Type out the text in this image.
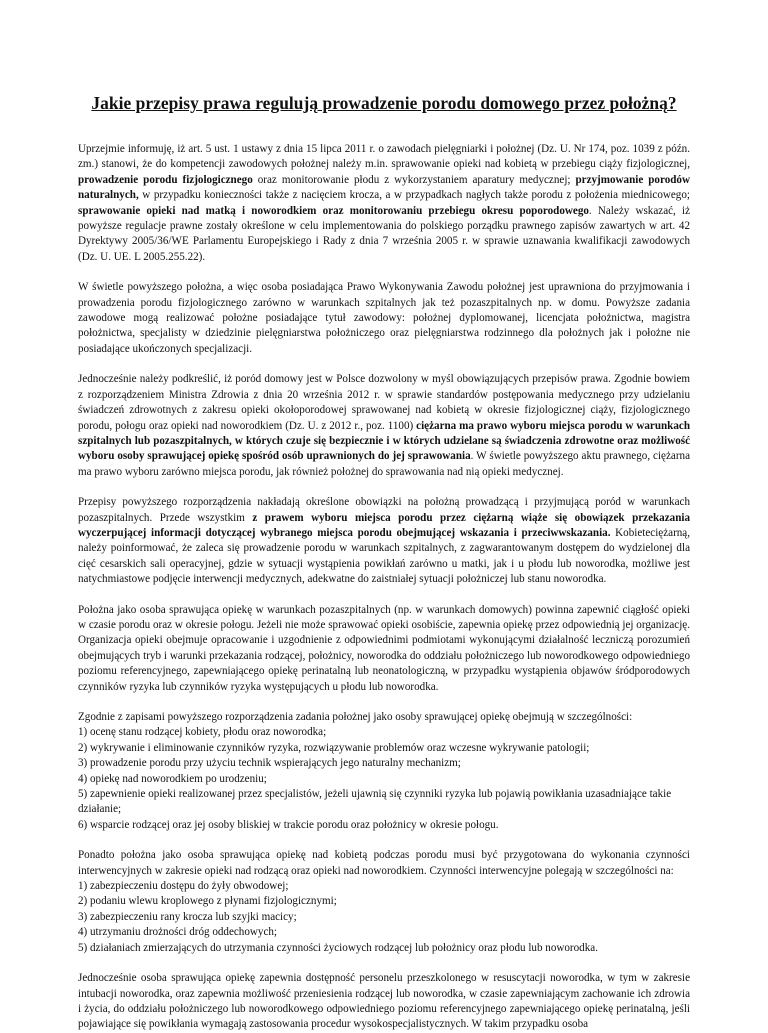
Jakie przepisy prawa regulują prowadzenie porodu domowego przez położną?

Uprzejmie informuję, iż art. 5 ust. 1 ustawy z dnia 15 lipca 2011 r. o zawodach pielęgniarki i położnej (Dz. U. Nr 174, poz. 1039 z późn. zm.) stanowi, że do kompetencji zawodowych położnej należy m.in. sprawowanie opieki nad kobietą w przebiegu ciąży fizjologicznej, prowadzenie porodu fizjologicznego oraz monitorowanie płodu z wykorzystaniem aparatury medycznej; przyjmowanie porodów naturalnych, w przypadku konieczności także z nacięciem krocza, a w przypadkach nagłych także porodu z położenia miednicowego; sprawowanie opieki nad matką i noworodkiem oraz monitorowaniu przebiegu okresu poporodowego. Należy wskazać, iż powyższe regulacje prawne zostały określone w celu implementowania do polskiego porządku prawnego zapisów zawartych w art. 42 Dyrektywy 2005/36/WE Parlamentu Europejskiego i Rady z dnia 7 września 2005 r. w sprawie uznawania kwalifikacji zawodowych (Dz. U. UE. L 2005.255.22).

W świetle powyższego położna, a więc osoba posiadająca Prawo Wykonywania Zawodu położnej jest uprawniona do przyjmowania i prowadzenia porodu fizjologicznego zarówno w warunkach szpitalnych jak też pozaszpitalnych np. w domu. Powyższe zadania zawodowe mogą realizować położne posiadające tytuł zawodowy: położnej dyplomowanej, licencjata położnictwa, magistra położnictwa, specjalisty w dziedzinie pielęgniarstwa położniczego oraz pielęgniarstwa rodzinnego dla położnych jak i położne nie posiadające ukończonych specjalizacji.

Jednocześnie należy podkreślić, iż poród domowy jest w Polsce dozwolony w myśl obowiązujących przepisów prawa. Zgodnie bowiem z rozporządzeniem Ministra Zdrowia z dnia 20 września 2012 r. w sprawie standardów postępowania medycznego przy udzielaniu świadczeń zdrowotnych z zakresu opieki okołoporodowej sprawowanej nad kobietą w okresie fizjologicznej ciąży, fizjologicznego porodu, połogu oraz opieki nad noworodkiem (Dz. U. z 2012 r., poz. 1100) ciężarna ma prawo wyboru miejsca porodu w warunkach szpitalnych lub pozaszpitalnych, w których czuje się bezpiecznie i w których udzielane są świadczenia zdrowotne oraz możliwość wyboru osoby sprawującej opiekę spośród osób uprawnionych do jej sprawowania. W świetle powyższego aktu prawnego, ciężarna ma prawo wyboru zarówno miejsca porodu, jak również położnej do sprawowania nad nią opieki medycznej.

Przepisy powyższego rozporządzenia nakładają określone obowiązki na położną prowadzącą i przyjmującą poród w warunkach pozaszpitalnych. Przede wszystkim z prawem wyboru miejsca porodu przez ciężarną wiąże się obowiązek przekazania wyczerpującej informacji dotyczącej wybranego miejsca porodu obejmującej wskazania i przeciwwskazania. Kobieteciężarną, należy poinformować, że zaleca się prowadzenie porodu w warunkach szpitalnych, z zagwarantowanym dostępem do wydzielonej dla cięć cesarskich sali operacyjnej, gdzie w sytuacji wystąpienia powikłań zarówno u matki, jak i u płodu lub noworodka, możliwe jest natychmiastowe podjęcie interwencji medycznych, adekwatne do zaistniałej sytuacji położniczej lub stanu noworodka.

Położna jako osoba sprawująca opiekę w warunkach pozaszpitalnych (np. w warunkach domowych) powinna zapewnić ciągłość opieki w czasie porodu oraz w okresie połogu. Jeżeli nie może sprawować opieki osobiście, zapewnia opiekę przez odpowiednią jej organizację. Organizacja opieki obejmuje opracowanie i uzgodnienie z odpowiednimi podmiotami wykonującymi działalność leczniczą porozumień obejmujących tryb i warunki przekazania rodzącej, położnicy, noworodka do oddziału położniczego lub noworodkowego odpowiedniego poziomu referencyjnego, zapewniającego opiekę perinatalną lub neonatologiczną, w przypadku wystąpienia objawów śródporodowych czynników ryzyka lub czynników ryzyka występujących u płodu lub noworodka.

Zgodnie z zapisami powyższego rozporządzenia zadania położnej jako osoby sprawującej opiekę obejmują w szczególności:
1) ocenę stanu rodzącej kobiety, płodu oraz noworodka;
2) wykrywanie i eliminowanie czynników ryzyka, rozwiązywanie problemów oraz wczesne wykrywanie patologii;
3) prowadzenie porodu przy użyciu technik wspierających jego naturalny mechanizm;
4) opiekę nad noworodkiem po urodzeniu;
5) zapewnienie opieki realizowanej przez specjalistów, jeżeli ujawnią się czynniki ryzyka lub pojawią powikłania uzasadniające takie działanie;
6) wsparcie rodzącej oraz jej osoby bliskiej w trakcie porodu oraz położnicy w okresie połogu.

Ponadto położna jako osoba sprawująca opiekę nad kobietą podczas porodu musi być przygotowana do wykonania czynności interwencyjnych w zakresie opieki nad rodzącą oraz opieki nad noworodkiem. Czynności interwencyjne polegają w szczególności na:
1) zabezpieczeniu dostępu do żyły obwodowej;
2) podaniu wlewu kroplowego z płynami fizjologicznymi;
3) zabezpieczeniu rany krocza lub szyjki macicy;
4) utrzymaniu drożności dróg oddechowych;
5) działaniach zmierzających do utrzymania czynności życiowych rodzącej lub położnicy oraz płodu lub noworodka.

Jednocześnie osoba sprawująca opiekę zapewnia dostępność personelu przeszkolonego w resuscytacji noworodka, w tym w zakresie intubacji noworodka, oraz zapewnia możliwość przeniesienia rodzącej lub noworodka, w czasie zapewniającym zachowanie ich zdrowia i życia, do oddziału położniczego lub noworodkowego odpowiedniego poziomu referencyjnego zapewniającego opiekę perinatalną, jeśli pojawiające się powikłania wymagają zastosowania procedur wysokospecjalistycznych. W takim przypadku osoba
